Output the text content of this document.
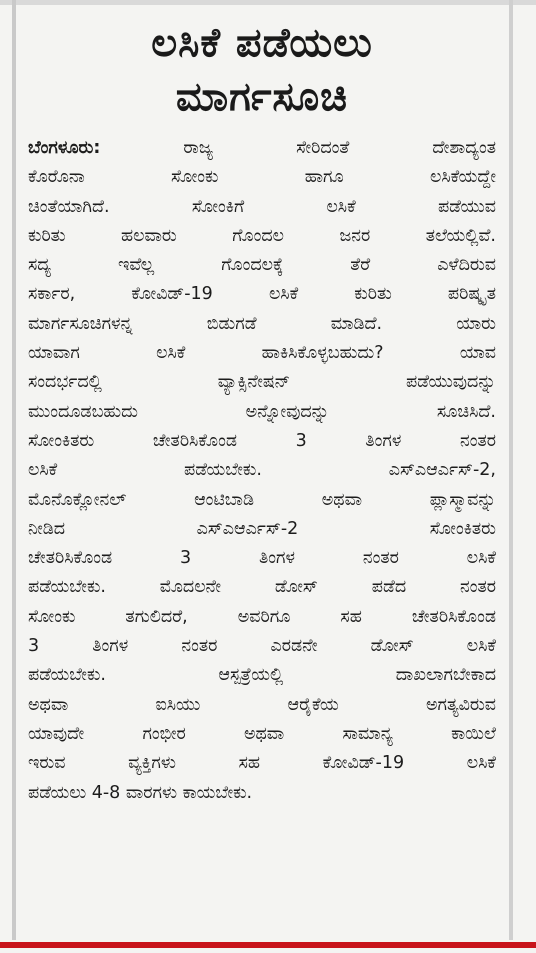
ಲಸಿಕೆ ಪಡೆಯಲು
ಮಾರ್ಗಸೂಚಿ
ಬೆಂಗಳೂರು:	ರಾಜ್ಯ ಸೇರಿದಂತೆ ದೇಶಾದ್ಯಂತ
ಕೊರೊನಾ ಸೋಂಕು ಹಾಗೂ ಲಸಿಕೆಯದ್ದೇ
ಚಿಂತೆಯಾಗಿದೆ. ಸೋಂಕಿಗೆ ಲಸಿಕೆ ಪಡೆಯುವ
ಕುರಿತು ಹಲವಾರು ಗೊಂದಲ ಜನರ ತಲೆಯಲ್ಲಿವೆ.
ಸದ್ಯ ಇವೆಲ್ಲ ಗೊಂದಲಕ್ಕೆ ತೆರೆ ಎಳೆದಿರುವ
ಸರ್ಕಾರ, ಕೋವಿಡ್-19 ಲಸಿಕೆ ಕುರಿತು ಪರಿಷ್ಕೃತ
ಮಾರ್ಗಸೂಚಿಗಳನ್ನ ಬಿಡುಗಡೆ ಮಾಡಿದೆ. ಯಾರು
ಯಾವಾಗ ಲಸಿಕೆ ಹಾಕಿಸಿಕೊಳ್ಳಬಹುದು? ಯಾವ
ಸಂದರ್ಭದಲ್ಲಿ ವ್ಯಾಕ್ಸಿನೇಷನ್ ಪಡೆಯುವುದನ್ನು
ಮುಂದೂಡಬಹುದು ಅನ್ನೋವುದನ್ನು ಸೂಚಿಸಿದೆ.
ಸೋಂಕಿತರು ಚೇತರಿಸಿಕೊಂಡ 3 ತಿಂಗಳ ನಂತರ
ಲಸಿಕೆ ಪಡೆಯಬೇಕು. ಎಸ್ಎಆರ್ಎಸ್-2,
ಮೊನೊಕ್ಲೋನಲ್ ಆಂಟಿಬಾಡಿ ಅಥವಾ ಪ್ಲಾಸ್ಮಾವನ್ನು
ನೀಡಿದ ಎಸ್ಎಆರ್ಎಸ್-2 ಸೋಂಕಿತರು
ಚೇತರಿಸಿಕೊಂಡ 3 ತಿಂಗಳ ನಂತರ ಲಸಿಕೆ
ಪಡೆಯಬೇಕು. ಮೊದಲನೇ ಡೋಸ್ ಪಡೆದ ನಂತರ
ಸೋಂಕು ತಗುಲಿದರೆ, ಅವರಿಗೂ ಸಹ ಚೇತರಿಸಿಕೊಂಡ
3 ತಿಂಗಳ ನಂತರ ಎರಡನೇ ಡೋಸ್ ಲಸಿಕೆ
ಪಡೆಯಬೇಕು. ಆಸ್ಪತ್ರೆಯಲ್ಲಿ ದಾಖಲಾಗಬೇಕಾದ
ಅಥವಾ ಐಸಿಯು ಆರೈಕೆಯ ಅಗತ್ಯವಿರುವ
ಯಾವುದೇ ಗಂಭೀರ ಅಥವಾ ಸಾಮಾನ್ಯ ಕಾಯಿಲೆ
ಇರುವ ವ್ಯಕ್ತಿಗಳು ಸಹ ಕೋವಿಡ್-19 ಲಸಿಕೆ
ಪಡೆಯಲು 4-8 ವಾರಗಳು ಕಾಯಬೇಕು.
